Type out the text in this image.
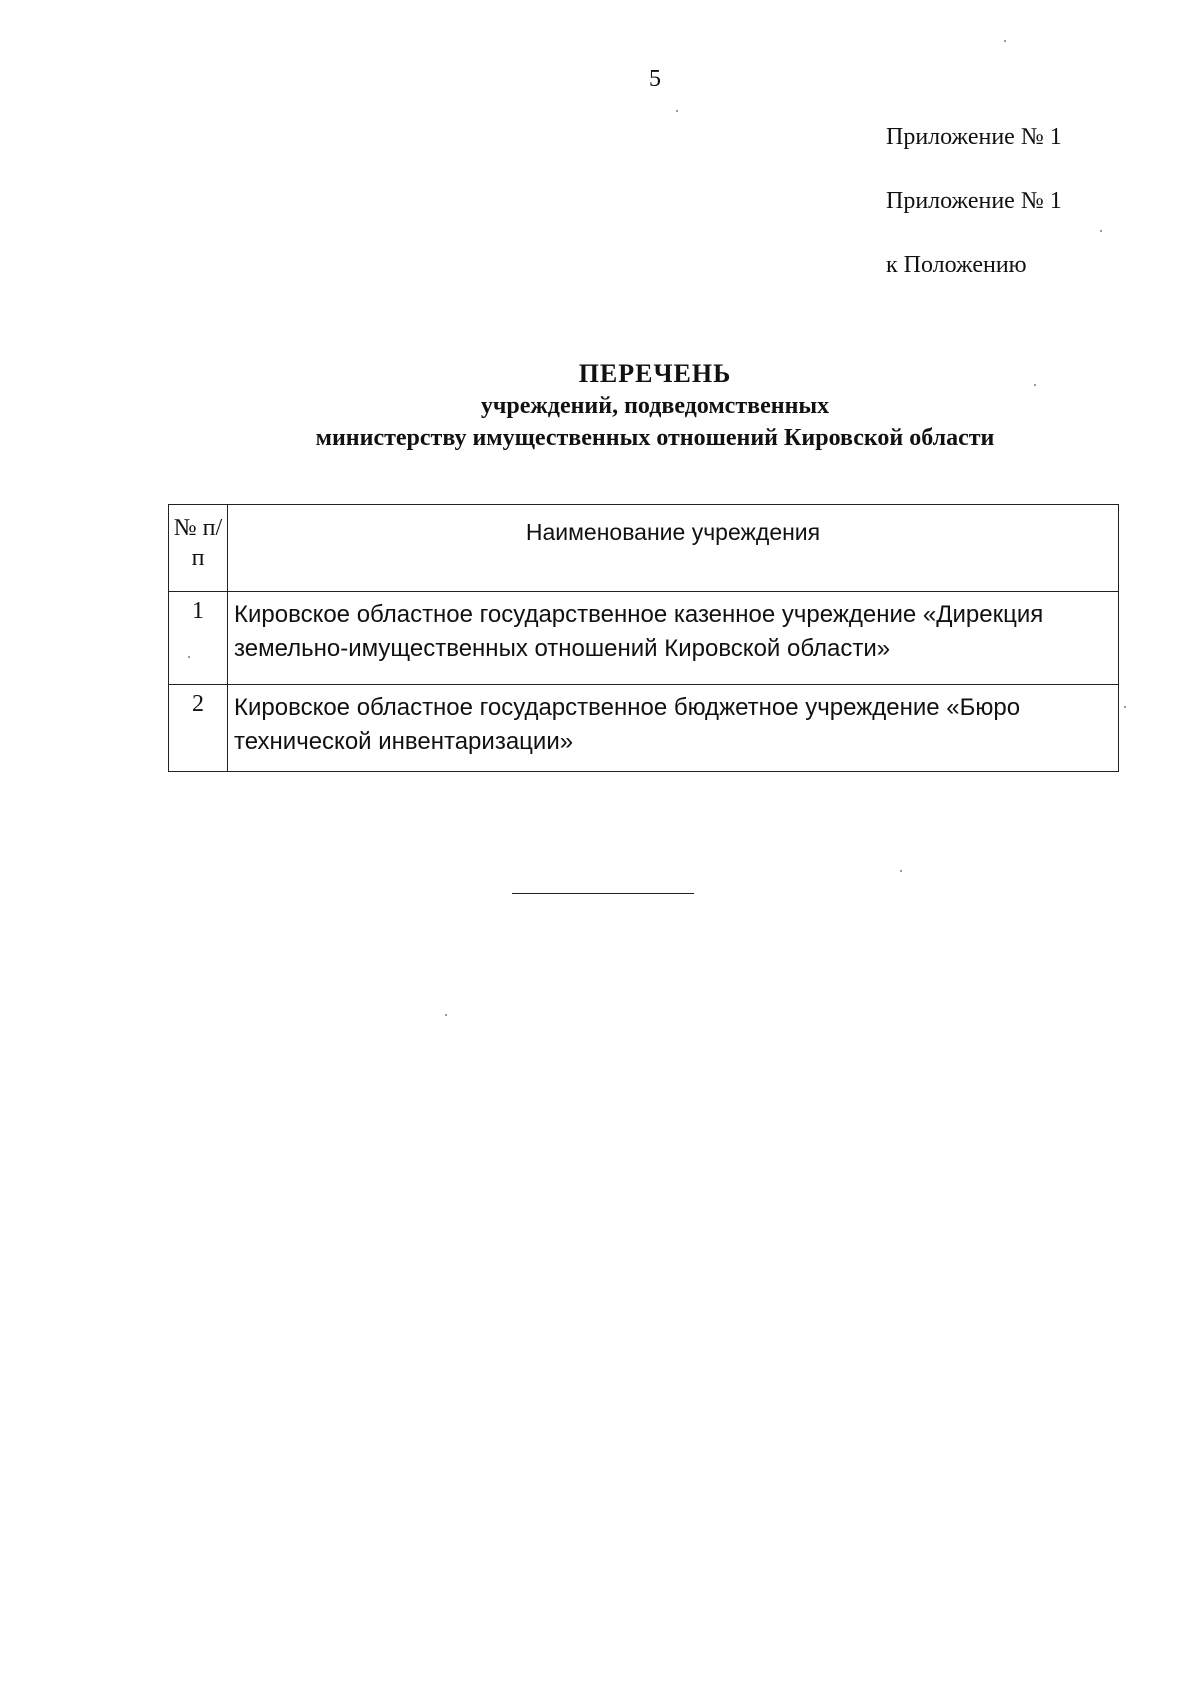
5
Приложение № 1
Приложение № 1
к Положению
ПЕРЕЧЕНЬ
учреждений, подведомственных
министерству имущественных отношений Кировской области
№ п/п	Наименование учреждения
1	Кировское областное государственное казенное учреждение «Дирекция земельно-имущественных отношений Кировской области»
2	Кировское областное государственное бюджетное учреждение «Бюро технической инвентаризации»
